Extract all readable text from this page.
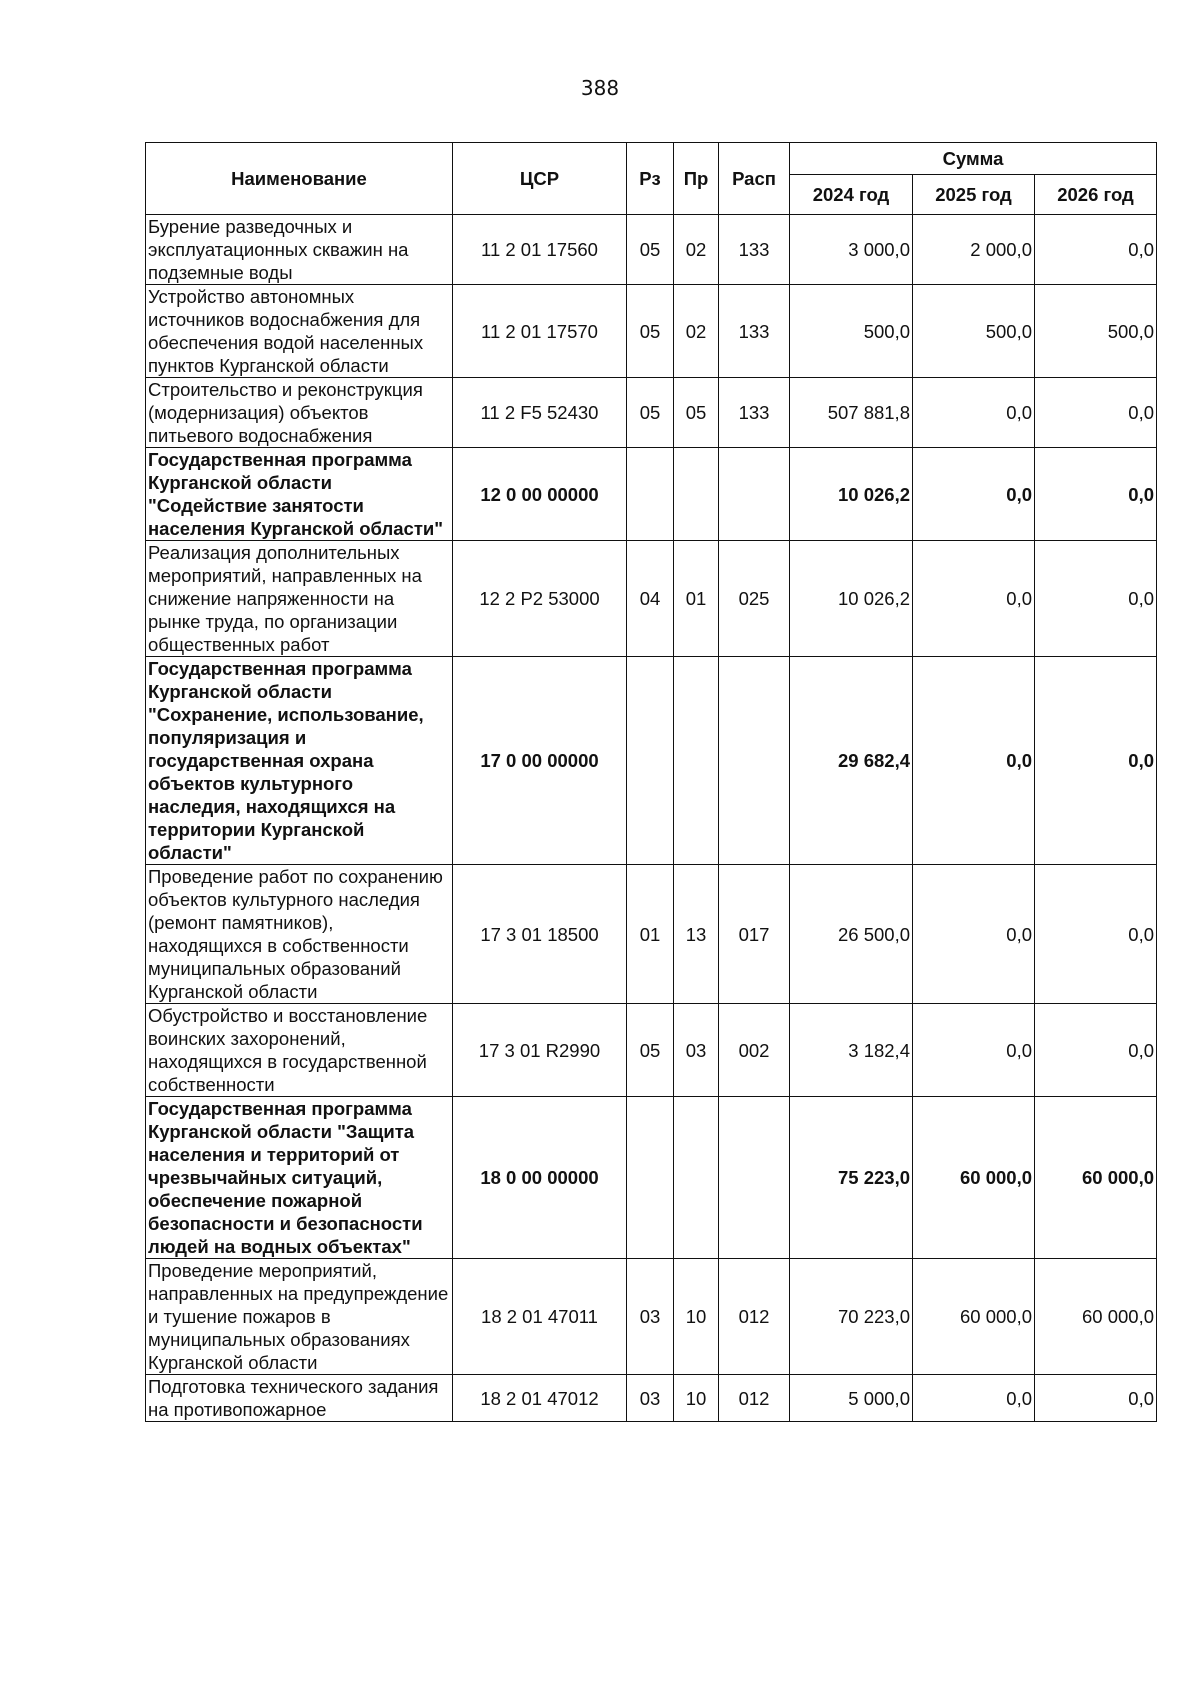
388
Наименование	ЦСР	Рз	Пр	Расп	Сумма		
					2024 год	2025 год	2026 год
Бурение разведочных и эксплуатационных скважин на подземные воды	11 2 01 17560	05	02	133	3 000,0	2 000,0	0,0
Устройство автономных источников водоснабжения для обеспечения водой населенных пунктов Курганской области	11 2 01 17570	05	02	133	500,0	500,0	500,0
Строительство и реконструкция (модернизация) объектов питьевого водоснабжения	11 2 F5 52430	05	05	133	507 881,8	0,0	0,0
Государственная программа Курганской области "Содействие занятости населения Курганской области"	12 0 00 00000				10 026,2	0,0	0,0
Реализация дополнительных мероприятий, направленных на снижение напряженности на рынке труда, по организации общественных работ	12 2 P2 53000	04	01	025	10 026,2	0,0	0,0
Государственная программа Курганской области "Сохранение, использование, популяризация и государственная охрана объектов культурного наследия, находящихся на территории Курганской области"	17 0 00 00000				29 682,4	0,0	0,0
Проведение работ по сохранению объектов культурного наследия (ремонт памятников), находящихся в собственности муниципальных образований Курганской области	17 3 01 18500	01	13	017	26 500,0	0,0	0,0
Обустройство и восстановление воинских захоронений, находящихся в государственной собственности	17 3 01 R2990	05	03	002	3 182,4	0,0	0,0
Государственная программа Курганской области "Защита населения и территорий от чрезвычайных ситуаций, обеспечение пожарной безопасности и безопасности людей на водных объектах"	18 0 00 00000				75 223,0	60 000,0	60 000,0
Проведение мероприятий, направленных на предупреждение и тушение пожаров в муниципальных образованиях Курганской области	18 2 01 47011	03	10	012	70 223,0	60 000,0	60 000,0
Подготовка технического задания на противопожарное	18 2 01 47012	03	10	012	5 000,0	0,0	0,0
